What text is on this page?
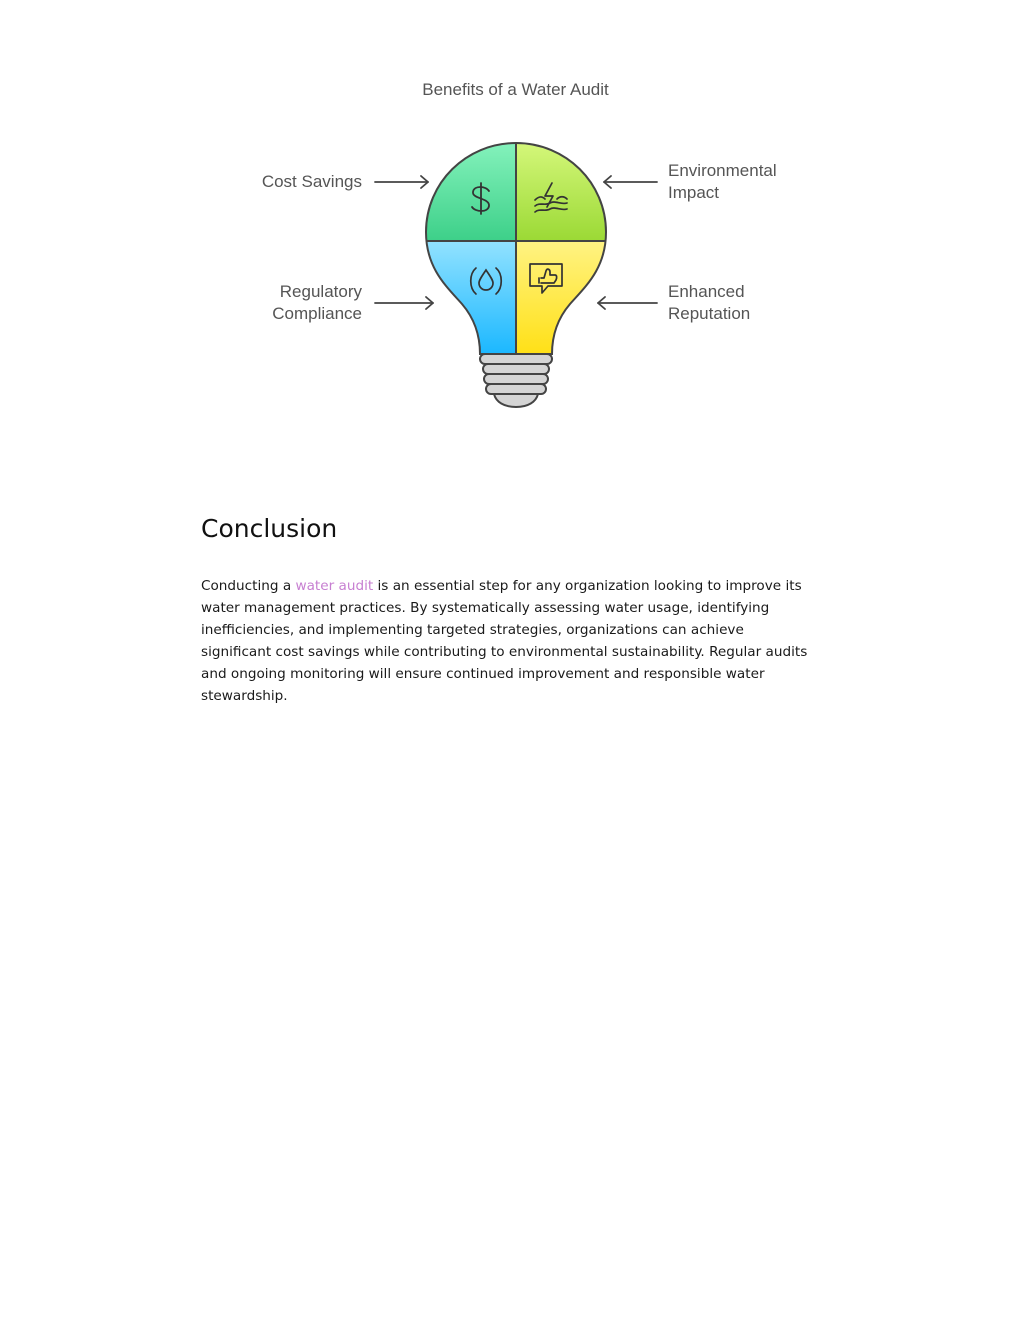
Benefits of a Water Audit
Cost Savings
Environmental
Impact
Regulatory
Compliance
Enhanced
Reputation
Conclusion

Conducting a water audit is an essential step for any organization looking to improve its water management practices. By systematically assessing water usage, identifying inefficiencies, and implementing targeted strategies, organizations can achieve significant cost savings while contributing to environmental sustainability. Regular audits and ongoing monitoring will ensure continued improvement and responsible water stewardship.
